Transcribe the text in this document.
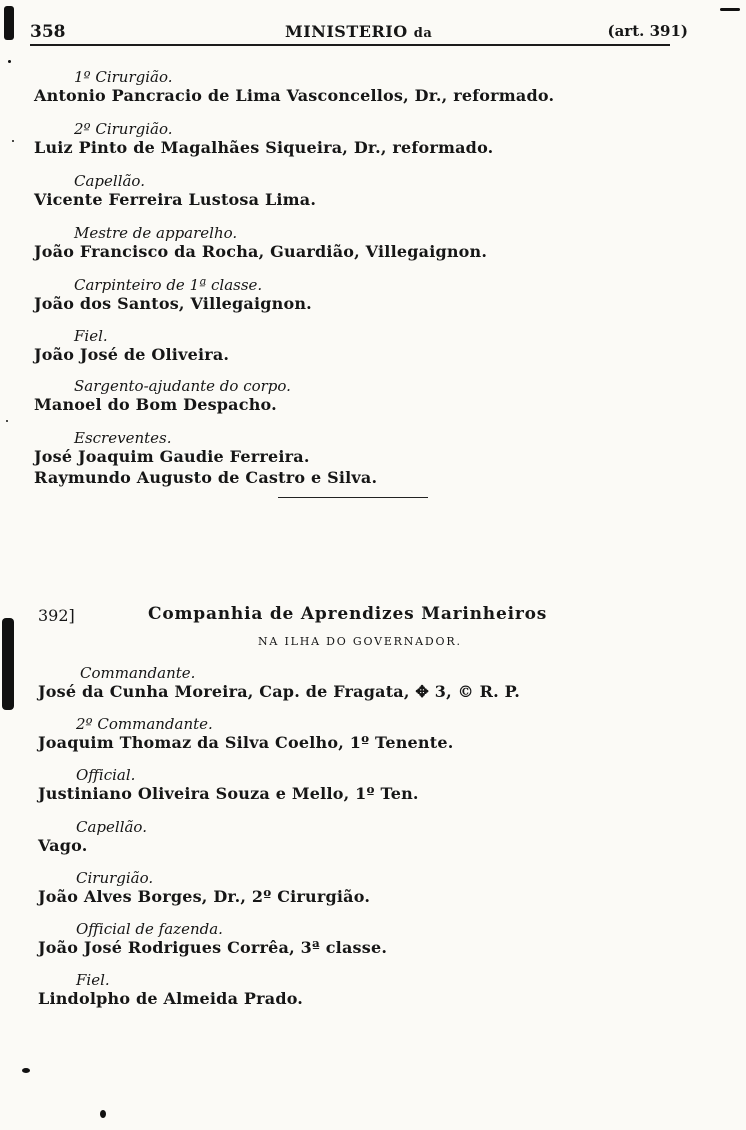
358	MINISTERIO da	(art. 391)
1º Cirurgião.
Antonio Pancracio de Lima Vasconcellos, Dr., reformado.
2º Cirurgião.
Luiz Pinto de Magalhães Siqueira, Dr., reformado.
Capellão.
Vicente Ferreira Lustosa Lima.
Mestre de apparelho.
João Francisco da Rocha, Guardião, Villegaignon.
Carpinteiro de 1ª classe.
João dos Santos, Villegaignon.
Fiel.
João José de Oliveira.
Sargento-ajudante do corpo.
Manoel do Bom Despacho.
Escreventes.
José Joaquim Gaudie Ferreira.
Raymundo Augusto de Castro e Silva.
392]	Companhia de Aprendizes Marinheiros
NA ILHA DO GOVERNADOR.
Commandante.
José da Cunha Moreira, Cap. de Fragata, ✥ 3, © R. P.
2º Commandante.
Joaquim Thomaz da Silva Coelho, 1º Tenente.
Official.
Justiniano Oliveira Souza e Mello, 1º Ten.
Capellão.
Vago.
Cirurgião.
João Alves Borges, Dr., 2º Cirurgião.
Official de fazenda.
João José Rodrigues Corrêa, 3ª classe.
Fiel.
Lindolpho de Almeida Prado.
